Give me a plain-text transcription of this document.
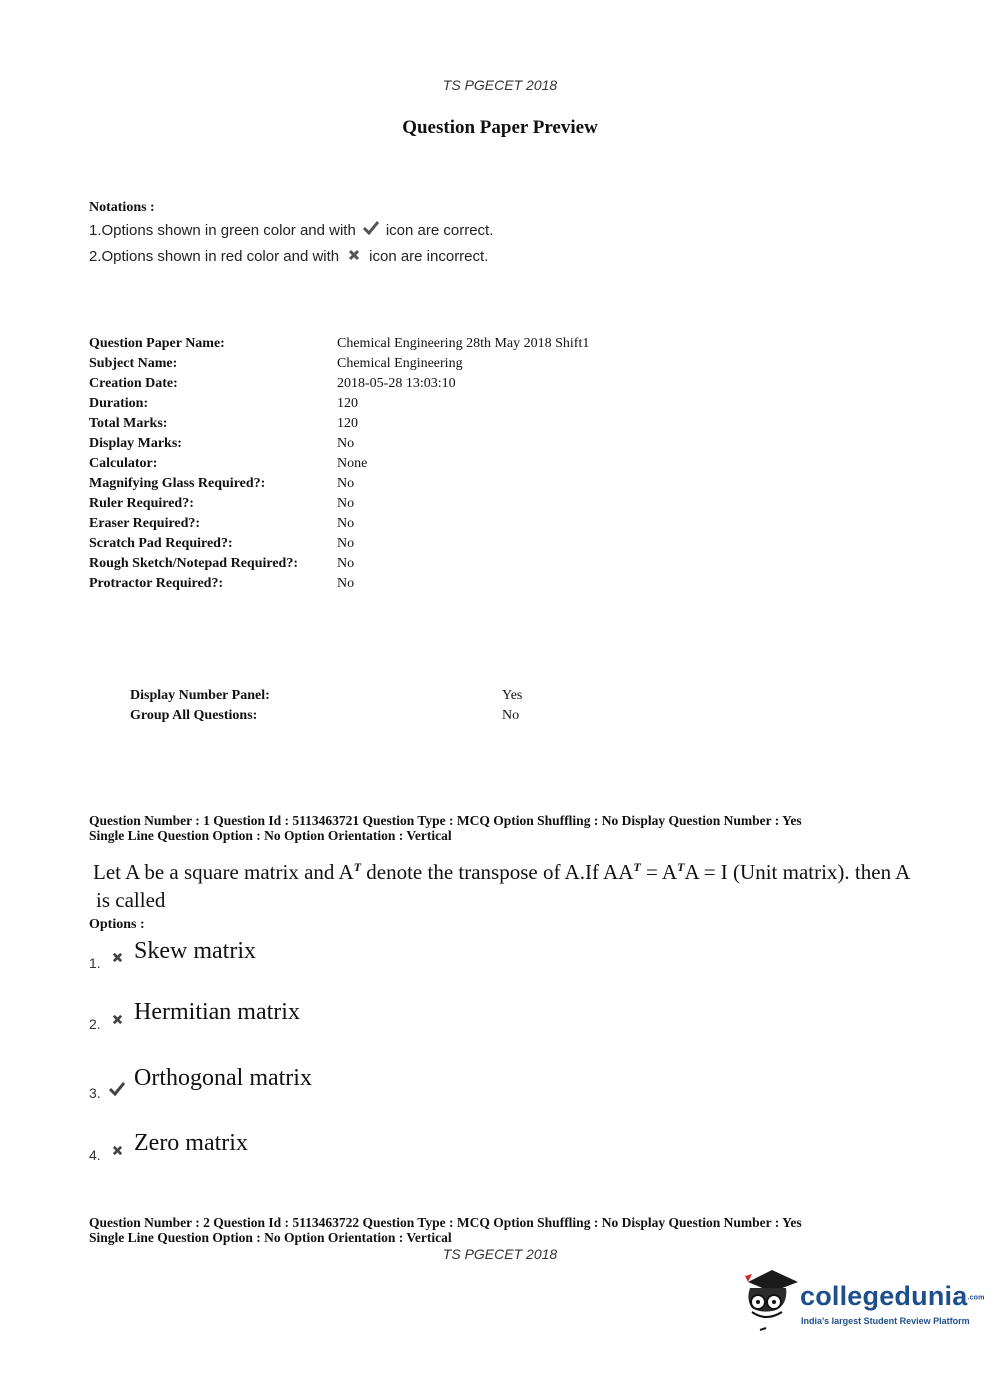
TS PGECET 2018
Question Paper Preview
Notations :
1.Options shown in green color and with icon are correct.
2.Options shown in red color and with icon are incorrect.
Question Paper Name:	Chemical Engineering 28th May 2018 Shift1
Subject Name:	Chemical Engineering
Creation Date:	2018-05-28 13:03:10
Duration:	120
Total Marks:	120
Display Marks:	No
Calculator:	None
Magnifying Glass Required?:	No
Ruler Required?:	No
Eraser Required?:	No
Scratch Pad Required?:	No
Rough Sketch/Notepad Required?:	No
Protractor Required?:	No
Display Number Panel:	Yes
Group All Questions:	No
Question Number : 1 Question Id : 5113463721 Question Type : MCQ Option Shuffling : No Display Question Number : Yes
Single Line Question Option : No Option Orientation : Vertical
Let A be a square matrix and $A^T$ denote the transpose of A.If $AA^T = A^TA = I$ (Unit matrix). then A
is called
Options :
1. Skew matrix
2. Hermitian matrix
3.
Orthogonal matrix
4. Zero matrix
Question Number : 2 Question Id : 5113463722 Question Type : MCQ Option Shuffling : No Display Question Number : Yes
Single Line Question Option : No Option Orientation : Vertical
TS PGECET 2018
collegedunia.com
India's largest Student Review Platform
